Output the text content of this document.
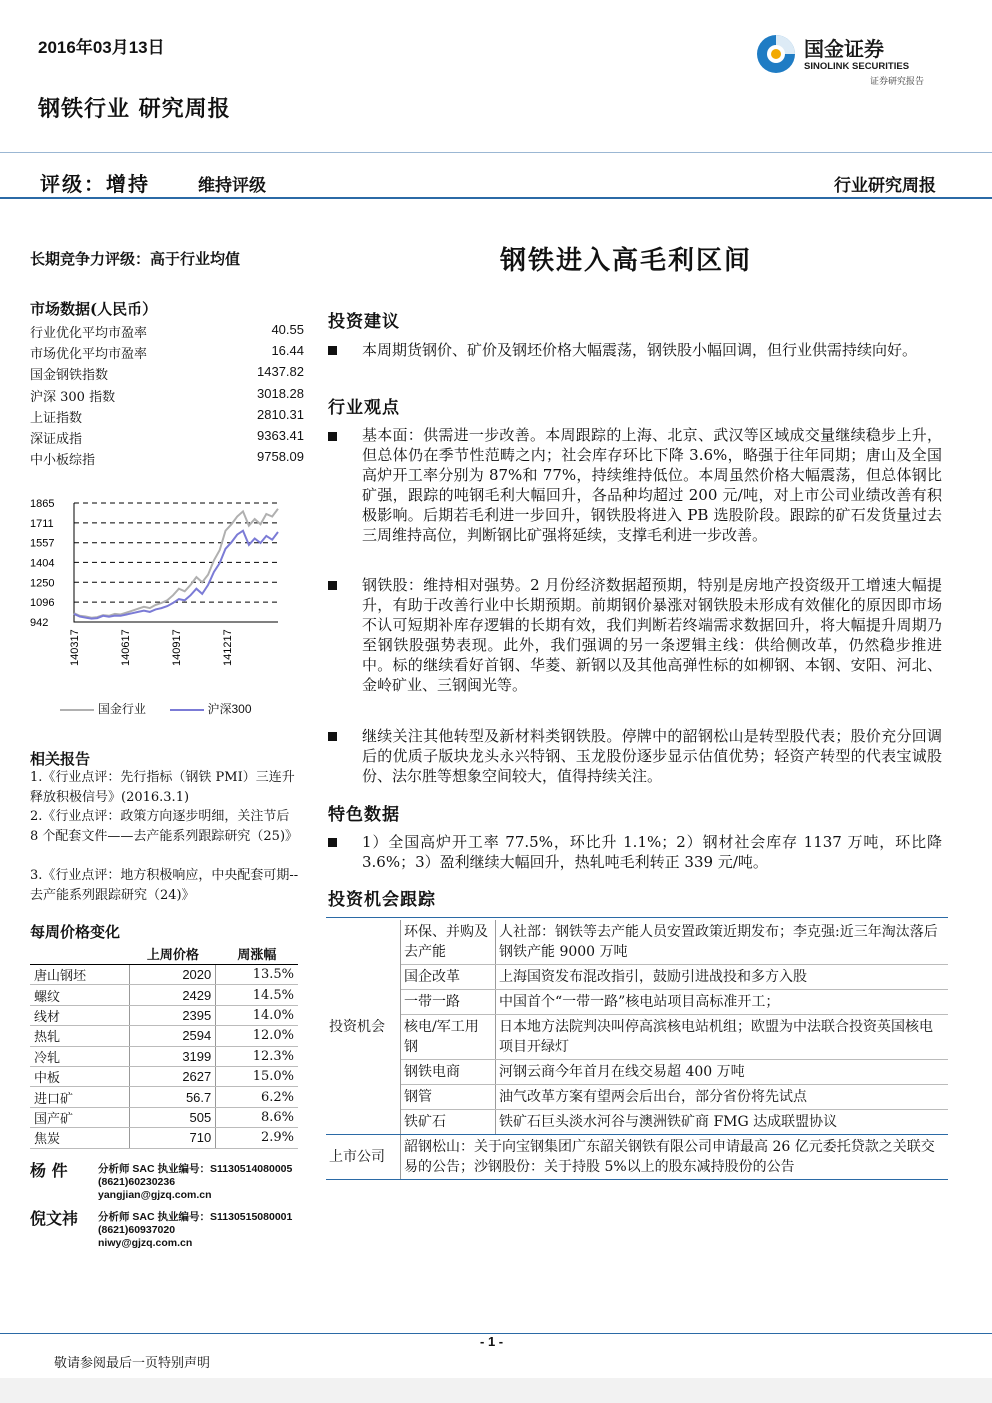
2016年03月13日
钢铁行业 研究周报
国金证券
SINOLINK SECURITIES
证券研究报告
评级：增持	维持评级	行业研究周报
长期竞争力评级：高于行业均值	钢铁进入高毛利区间
市场数据(人民币）
行业优化平均市盈率	40.55
市场优化平均市盈率	16.44
国金钢铁指数	1437.82
沪深 300 指数	3018.28
上证指数	2810.31
深证成指	9363.41
中小板综指	9758.09
1865
1711
1557
1404
1250
1096
942
140317	140617	140917	141217
国金行业	沪深300
相关报告
1.《行业点评：先行指标（钢铁 PMI）三连升释放积极信号》(2016.3.1)
2.《行业点评：政策方向逐步明细，关注节后 8 个配套文件——去产能系列跟踪研究（25)》
3.《行业点评：地方积极响应，中央配套可期--去产能系列跟踪研究（24)》
每周价格变化
	上周价格	周涨幅
唐山钢坯	2020	13.5%
螺纹	2429	14.5%
线材	2395	14.0%
热轧	2594	12.0%
冷轧	3199	12.3%
中板	2627	15.0%
进口矿	56.7	6.2%
国产矿	505	8.6%
焦炭	710	2.9%
杨 件	分析师 SAC 执业编号：S1130514080005
(8621)60230236
yangjian@gjzq.com.cn
倪文祎 分析师 SAC 执业编号：S1130515080001
(8621)60937020
niwy@gjzq.com.cn
投资建议
本周期货钢价、矿价及钢坯价格大幅震荡，钢铁股小幅回调，但行业供需持续向好。
行业观点
基本面：供需进一步改善。本周跟踪的上海、北京、武汉等区域成交量继续稳步上升，但总体仍在季节性范畴之内；社会库存环比下降 3.6%，略强于往年同期；唐山及全国高炉开工率分别为 87%和 77%，持续维持低位。本周虽然价格大幅震荡，但总体钢比矿强，跟踪的吨钢毛利大幅回升，各品种均超过 200 元/吨，对上市公司业绩改善有积极影响。后期若毛利进一步回升，钢铁股将进入 PB 选股阶段。跟踪的矿石发货量过去三周维持高位，判断钢比矿强将延续，支撑毛利进一步改善。
钢铁股：维持相对强势。2 月份经济数据超预期，特别是房地产投资级开工增速大幅提升，有助于改善行业中长期预期。前期钢价暴涨对钢铁股未形成有效催化的原因即市场不认可短期补库存逻辑的长期有效，我们判断若终端需求数据回升，将大幅提升周期乃至钢铁股强势表现。此外，我们强调的另一条逻辑主线：供给侧改革，仍然稳步推进中。标的继续看好首钢、华菱、新钢以及其他高弹性标的如柳钢、本钢、安阳、河北、金岭矿业、三钢闽光等。
继续关注其他转型及新材料类钢铁股。停牌中的韶钢松山是转型股代表；股价充分回调后的优质子版块龙头永兴特钢、玉龙股份逐步显示估值优势；轻资产转型的代表宝诚股份、法尔胜等想象空间较大，值得持续关注。
特色数据
1）全国高炉开工率 77.5%，环比升 1.1%；2）钢材社会库存 1137 万吨，环比降 3.6%；3）盈利继续大幅回升，热轧吨毛利转正 339 元/吨。
投资机会跟踪
投资机会	环保、并购及去产能	人社部：钢铁等去产能人员安置政策近期发布；李克强:近三年淘汰落后钢铁产能 9000 万吨
	国企改革	上海国资发布混改指引，鼓励引进战投和多方入股
	一带一路	中国首个“一带一路”核电站项目高标准开工；
	核电/军工用钢	日本地方法院判决叫停高滨核电站机组；欧盟为中法联合投资英国核电项目开绿灯
	钢铁电商	河钢云商今年首月在线交易超 400 万吨
	钢管	油气改革方案有望两会后出台，部分省份将先试点
	铁矿石	铁矿石巨头淡水河谷与澳洲铁矿商 FMG 达成联盟协议
上市公司	韶钢松山：关于向宝钢集团广东韶关钢铁有限公司申请最高 26 亿元委托贷款之关联交易的公告；沙钢股份：关于持股 5%以上的股东减持股份的公告	
- 1 -
敬请参阅最后一页特别声明
